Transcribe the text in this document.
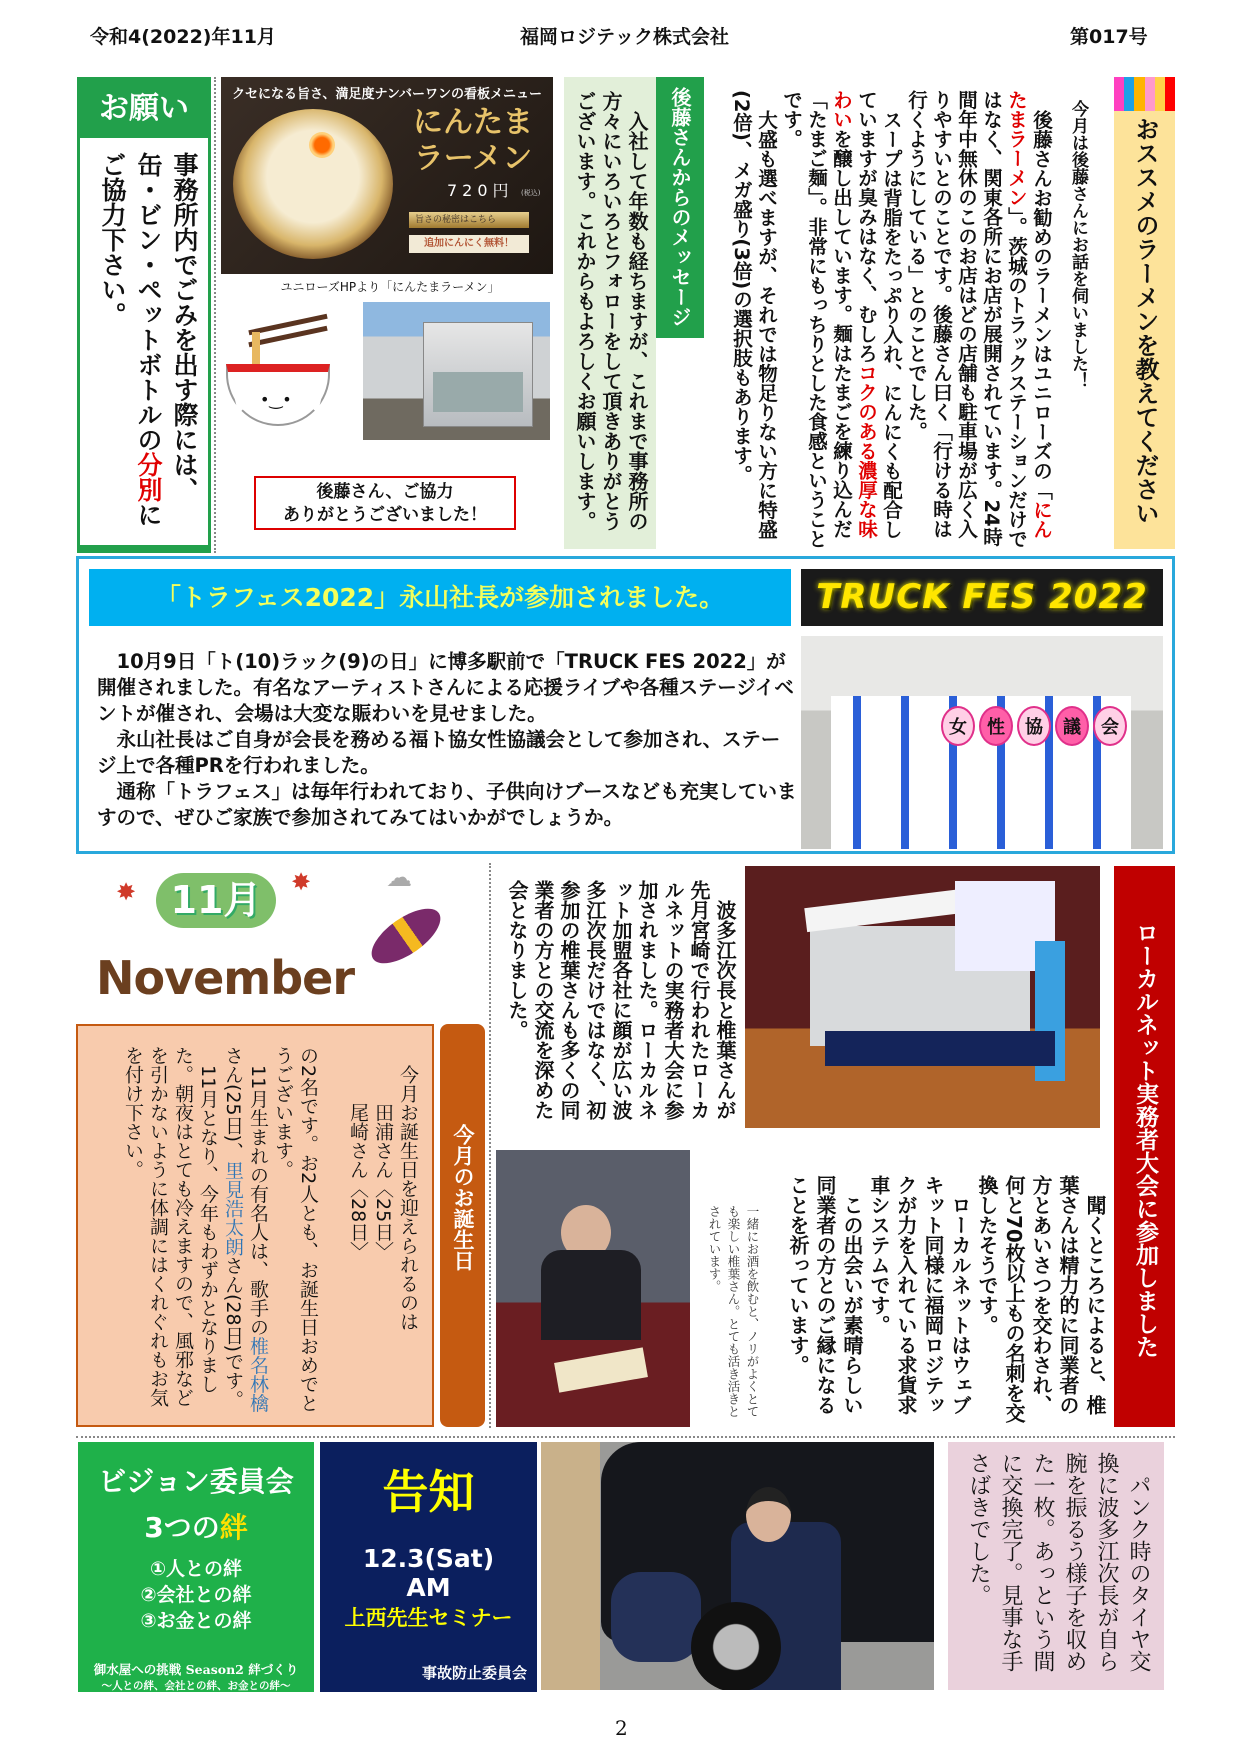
令和4(2022)年11月	福岡ロジテック株式会社	第017号
お願い
事務所内でごみを出す際には、缶・ビン・ペットボトルの分別にご協力下さい。
クセになる旨さ、満足度ナンバーワンの看板メニュー
にんたま
ラーメン
720円 (税込)
旨さの秘密はこちら
追加にんにく無料！
ユニローズHPより「にんたまラーメン」
•‿•
後藤さん、ご協力
ありがとうございました！	入社して年数も経ちますが、これまで事務所の方々にいろいろとフォローをして頂きありがとうございます。これからもよろしくお願いします。	後藤さんからのメッセージ	後藤さんお勧めのラーメンはユニローズの「にんたまラーメン」。茨城のトラックステーションだけではなく、関東各所にお店が展開されています。24時間年中無休のこのお店はどの店舗も駐車場が広く入りやすいとのことです。後藤さん曰く「行ける時は行くようにしている」とのことでした。

スープは背脂をたっぷり入れ、にんにくも配合していますが臭みはなく、むしろコクのある濃厚な味わいを醸し出しています。麺はたまごを練り込んだ「たまご麺」。非常にもっちりとした食感ということです。

大盛も選べますが、それでは物足りない方に特盛(2倍)、メガ盛り(3倍)の選択肢もあります。	今月は後藤さんにお話を伺いました！	おススメのラーメンを教えてください
「トラフェス2022」永山社長が参加されました。	TRUCK FES 2022

10月9日「ト(10)ラック(9)の日」に博多駅前で「TRUCK FES 2022」が開催されました。有名なアーティストさんによる応援ライブや各種ステージイベントが催され、会場は大変な賑わいを見せました。

永山社長はご自身が会長を務める福ト協女性協議会として参加され、ステージ上で各種PRを行われました。

通称「トラフェス」は毎年行われており、子供向けブースなども充実していますので、ぜひご家族で参加されてみてはいかがでしょうか。

女	性	協	議	会
11月
✸	✸
November
☁

今月お誕生日を迎えられるのは

田浦さん〈25日〉

尾崎さん〈28日〉

の2名です。お2人とも、お誕生日おめでとうございます。

11月生まれの有名人は、歌手の椎名林檎さん(25日)、里見浩太朗さん(28日)です。

11月となり、今年もわずかとなりました。朝夜はとても冷えますので、風邪などを引かないように体調にはくれぐれもお気を付け下さい。

今月のお誕生日
波多江次長と椎葉さんが先月宮崎で行われたローカルネットの実務者大会に参加されました。ローカルネット加盟各社に顔が広い波多江次長だけではなく、初参加の椎葉さんも多くの同業者の方との交流を深めた会となりました。	ローカルネット実務者大会に参加しました
一緒にお酒を飲むと、ノリがよくとても楽しい椎葉さん。とても活き活きとされています。	聞くところによると、椎葉さんは精力的に同業者の方とあいさつを交わされ、何と70枚以上もの名刺を交換したそうです。

ローカルネットはウェブキット同様に福岡ロジテックが力を入れている求貨求車システムです。

この出会いが素晴らしい同業者の方とのご縁になることを祈っています。

ビジョン委員会
3つの絆
①人との絆
②会社との絆
③お金との絆
御水屋への挑戦 Season2 絆づくり
〜人との絆、会社との絆、お金との絆〜
告知
12.3(Sat)
AM
上西先生セミナー
事故防止委員会
パンク時のタイヤ交換に波多江次長が自ら腕を振るう様子を収めた一枚。あっという間に交換完了。見事な手さばきでした。
2
